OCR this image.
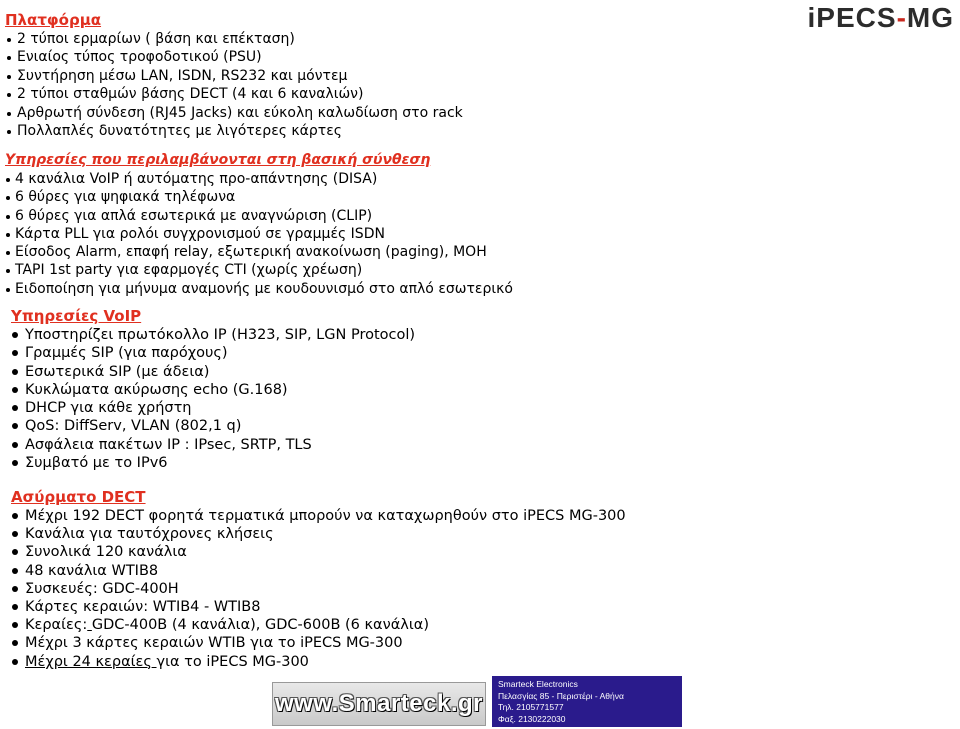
iPECS-MG

Πλατφόρμα

2 τύποι ερμαρίων ( βάση και επέκταση)
Ενιαίος τύπος τροφοδοτικού (PSU)
Συντήρηση μέσω LAN, ISDN, RS232 και μόντεμ
2 τύποι σταθμών βάσης DECT (4 και 6 καναλιών)
Αρθρωτή σύνδεση (RJ45 Jacks) και εύκολη καλωδίωση στο rack
Πολλαπλές δυνατότητες με λιγότερες κάρτες

Υπηρεσίες που περιλαμβάνονται στη βασική σύνθεση

4 κανάλια VoIP ή αυτόματης προ-απάντησης (DISA)
6 θύρες για ψηφιακά τηλέφωνα
6 θύρες για απλά εσωτερικά με αναγνώριση (CLIP)
Κάρτα PLL για ρολόι συγχρονισμού σε γραμμές ISDN
Είσοδος Alarm, επαφή relay, εξωτερική ανακοίνωση (paging), MOH
TAPI 1st party για εφαρμογές CTI (χωρίς χρέωση)
Ειδοποίηση για μήνυμα αναμονής με κουδουνισμό στο απλό εσωτερικό

Υπηρεσίες VoIP

Υποστηρίζει πρωτόκολλο IP (H323, SIP, LGN Protocol)
Γραμμές SIP (για παρόχους)
Εσωτερικά SIP (με άδεια)
Κυκλώματα ακύρωσης echo (G.168)
DHCP για κάθε χρήστη
QoS: DiffServ, VLAN (802,1 q)
Ασφάλεια πακέτων IP : IPsec, SRTP, TLS
Συμβατό με το IPv6

Ασύρματο DECT

Μέχρι 192 DECT φορητά τερματικά μπορούν να καταχωρηθούν στο iPECS MG-300
Κανάλια για ταυτόχρονες κλήσεις
Συνολικά 120 κανάλια
48 κανάλια WTIB8
Συσκευές: GDC-400H
Κάρτες κεραιών: WTIB4 - WTIB8
Κεραίες: GDC-400B (4 κανάλια), GDC-600B (6 κανάλια)
Μέχρι 3 κάρτες κεραιών WTIB για το iPECS MG-300
Μέχρι 24 κεραίες για το iPECS MG-300
www.Smarteck.gr
Smarteck Electronics
Πελασγίας 85 - Περιστέρι - Αθήνα
Τηλ. 2105771577
Φαξ. 2130222030
